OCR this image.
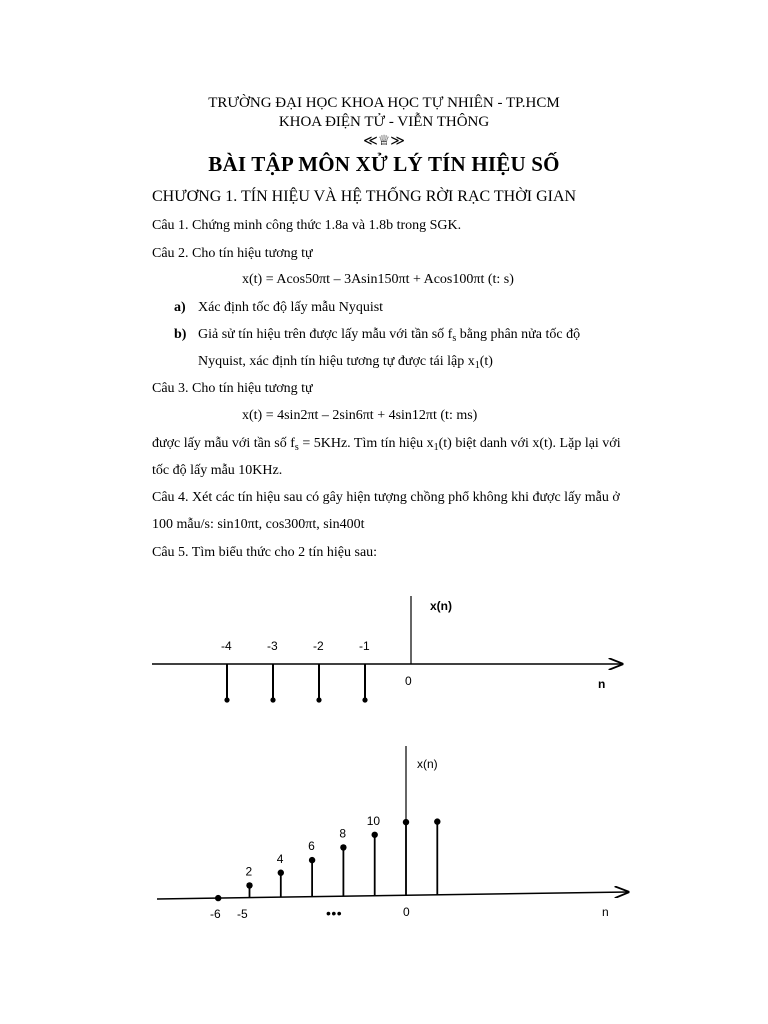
TRƯỜNG ĐẠI HỌC KHOA HỌC TỰ NHIÊN - TP.HCM
KHOA ĐIỆN TỬ - VIỄN THÔNG
≪♕≫
BÀI TẬP MÔN XỬ LÝ TÍN HIỆU SỐ
CHƯƠNG 1. TÍN HIỆU VÀ HỆ THỐNG RỜI RẠC THỜI GIAN
Câu 1. Chứng minh công thức 1.8a và 1.8b trong SGK.
Câu 2. Cho tín hiệu tương tự
x(t) = Acos50πt – 3Asin150πt + Acos100πt (t: s)
a) Xác định tốc độ lấy mẫu Nyquist
b) Giả sử tín hiệu trên được lấy mẫu với tần số $f_s$ bằng phân nửa tốc độ
Nyquist, xác định tín hiệu tương tự được tái lập $x_1(t)$
Câu 3. Cho tín hiệu tương tự
x(t) = 4sin2πt – 2sin6πt + 4sin12πt (t: ms)
được lấy mẫu với tần số $f_s = 5KHz$. Tìm tín hiệu $x_1(t)$ biệt danh với x(t). Lặp lại với
tốc độ lấy mẫu 10KHz.
Câu 4. Xét các tín hiệu sau có gây hiện tượng chồng phổ không khi được lấy mẫu ở
100 mẫu/s: sin10πt, cos300πt, sin400t
Câu 5. Tìm biểu thức cho 2 tín hiệu sau:
x(n)
0	n
-4	-3	-2	-1
x(n)
0	n
-6 -5	•••
2
4
6
8
10
